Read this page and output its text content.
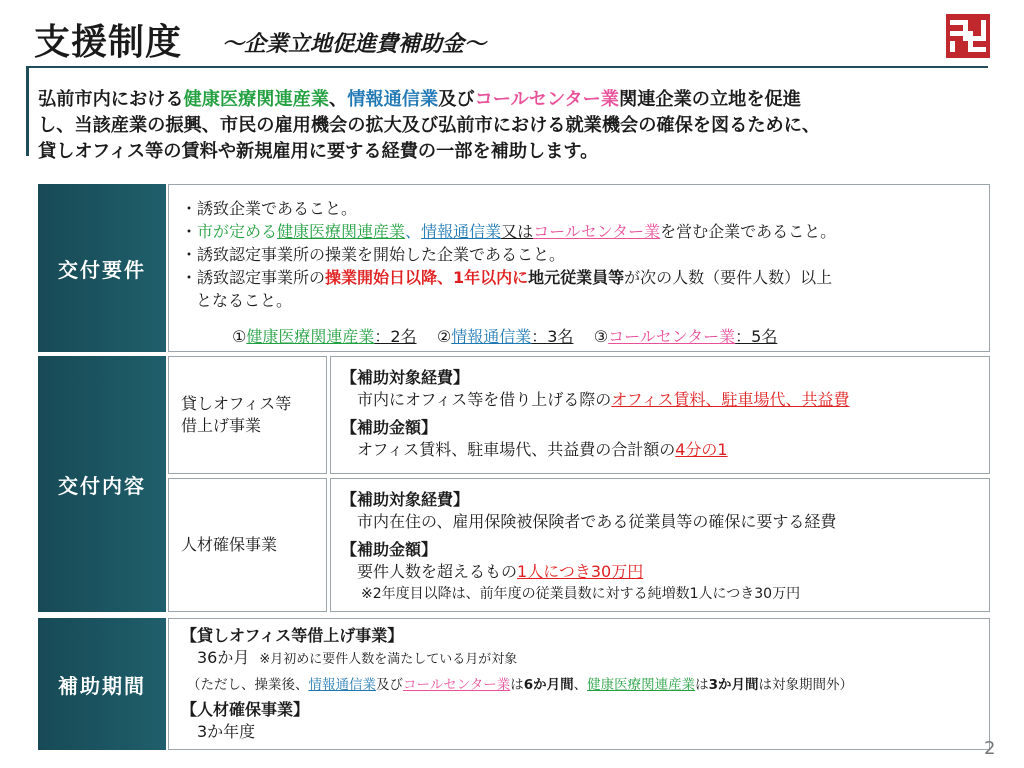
支援制度 ～企業立地促進費補助金～
弘前市内における健康医療関連産業、情報通信業及びコールセンター業関連企業の立地を促進
し、当該産業の振興、市民の雇用機会の拡大及び弘前市における就業機会の確保を図るために、
貸しオフィス等の賃料や新規雇用に要する経費の一部を補助します。
交付要件
・誘致企業であること。
・市が定める健康医療関連産業、情報通信業又はコールセンター業を営む企業であること。
・誘致認定事業所の操業を開始した企業であること。
・誘致認定事業所の操業開始日以降、1年以内に地元従業員等が次の人数（要件人数）以上
となること。
①健康医療関連産業：2名 ②情報通信業：3名 ③コールセンター業：5名
交付内容
貸しオフィス等
借上げ事業
【補助対象経費】
市内にオフィス等を借り上げる際のオフィス賃料、駐車場代、共益費
【補助金額】
オフィス賃料、駐車場代、共益費の合計額の4分の1
人材確保事業
【補助対象経費】
市内在住の、雇用保険被保険者である従業員等の確保に要する経費
【補助金額】
要件人数を超えるもの1人につき30万円
※2年度目以降は、前年度の従業員数に対する純増数1人につき30万円
補助期間
【貸しオフィス等借上げ事業】
36か月 ※月初めに要件人数を満たしている月が対象
（ただし、操業後、情報通信業及びコールセンター業は6か月間、健康医療関連産業は3か月間は対象期間外）
【人材確保事業】
3か年度
2
